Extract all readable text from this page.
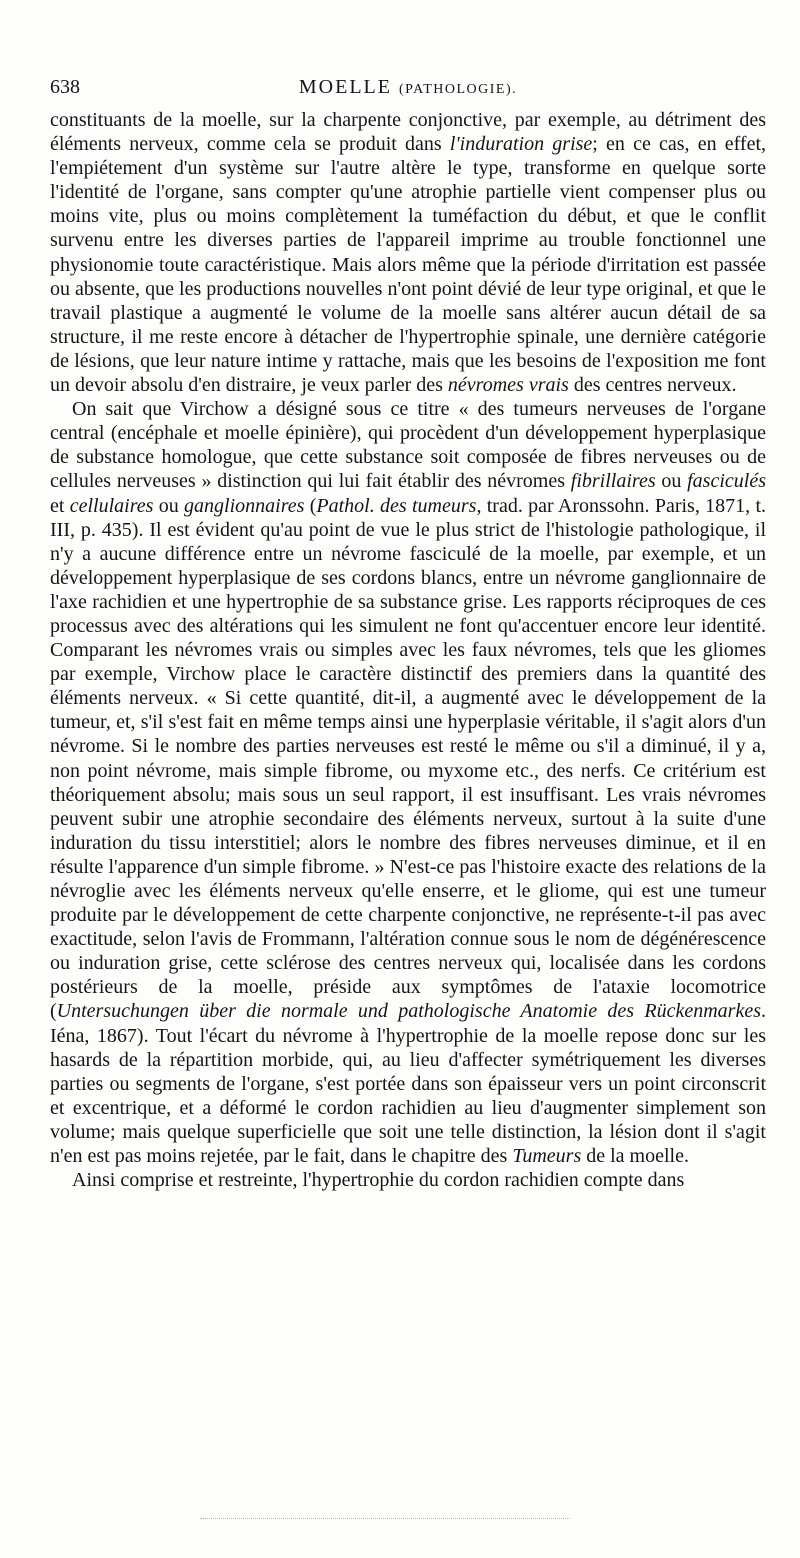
638	MOELLE (PATHOLOGIE).

constituants de la moelle, sur la charpente conjonctive, par exemple, au détriment des éléments nerveux, comme cela se produit dans l'induration grise; en ce cas, en effet, l'empiétement d'un système sur l'autre altère le type, transforme en quelque sorte l'identité de l'organe, sans compter qu'une atrophie partielle vient compenser plus ou moins vite, plus ou moins complètement la tuméfaction du début, et que le conflit survenu entre les diverses parties de l'appareil imprime au trouble fonctionnel une physionomie toute caractéristique. Mais alors même que la période d'irritation est passée ou absente, que les productions nouvelles n'ont point dévié de leur type original, et que le travail plastique a augmenté le volume de la moelle sans altérer aucun détail de sa structure, il me reste encore à détacher de l'hypertrophie spinale, une dernière catégorie de lésions, que leur nature intime y rattache, mais que les besoins de l'exposition me font un devoir absolu d'en distraire, je veux parler des névromes vrais des centres nerveux.

On sait que Virchow a désigné sous ce titre « des tumeurs nerveuses de l'organe central (encéphale et moelle épinière), qui procèdent d'un développement hyperplasique de substance homologue, que cette substance soit composée de fibres nerveuses ou de cellules nerveuses » distinction qui lui fait établir des névromes fibrillaires ou fasciculés et cellulaires ou ganglionnaires (Pathol. des tumeurs, trad. par Aronssohn. Paris, 1871, t. III, p. 435). Il est évident qu'au point de vue le plus strict de l'histologie pathologique, il n'y a aucune différence entre un névrome fasciculé de la moelle, par exemple, et un développement hyperplasique de ses cordons blancs, entre un névrome ganglionnaire de l'axe rachidien et une hypertrophie de sa substance grise. Les rapports réciproques de ces processus avec des altérations qui les simulent ne font qu'accentuer encore leur identité. Comparant les névromes vrais ou simples avec les faux névromes, tels que les gliomes par exemple, Virchow place le caractère distinctif des premiers dans la quantité des éléments nerveux. « Si cette quantité, dit-il, a augmenté avec le développement de la tumeur, et, s'il s'est fait en même temps ainsi une hyperplasie véritable, il s'agit alors d'un névrome. Si le nombre des parties nerveuses est resté le même ou s'il a diminué, il y a, non point névrome, mais simple fibrome, ou myxome etc., des nerfs. Ce critérium est théoriquement absolu; mais sous un seul rapport, il est insuffisant. Les vrais névromes peuvent subir une atrophie secondaire des éléments nerveux, surtout à la suite d'une induration du tissu interstitiel; alors le nombre des fibres nerveuses diminue, et il en résulte l'apparence d'un simple fibrome. » N'est-ce pas l'histoire exacte des relations de la névroglie avec les éléments nerveux qu'elle enserre, et le gliome, qui est une tumeur produite par le développement de cette charpente conjonctive, ne représente-t-il pas avec exactitude, selon l'avis de Frommann, l'altération connue sous le nom de dégénérescence ou induration grise, cette sclérose des centres nerveux qui, localisée dans les cordons postérieurs de la moelle, préside aux symptômes de l'ataxie locomotrice (Untersuchungen über die normale und pathologische Anatomie des Rückenmarkes. Iéna, 1867). Tout l'écart du névrome à l'hypertrophie de la moelle repose donc sur les hasards de la répartition morbide, qui, au lieu d'affecter symétriquement les diverses parties ou segments de l'organe, s'est portée dans son épaisseur vers un point circonscrit et excentrique, et a déformé le cordon rachidien au lieu d'augmenter simplement son volume; mais quelque superficielle que soit une telle distinction, la lésion dont il s'agit n'en est pas moins rejetée, par le fait, dans le chapitre des Tumeurs de la moelle.

Ainsi comprise et restreinte, l'hypertrophie du cordon rachidien compte dans
